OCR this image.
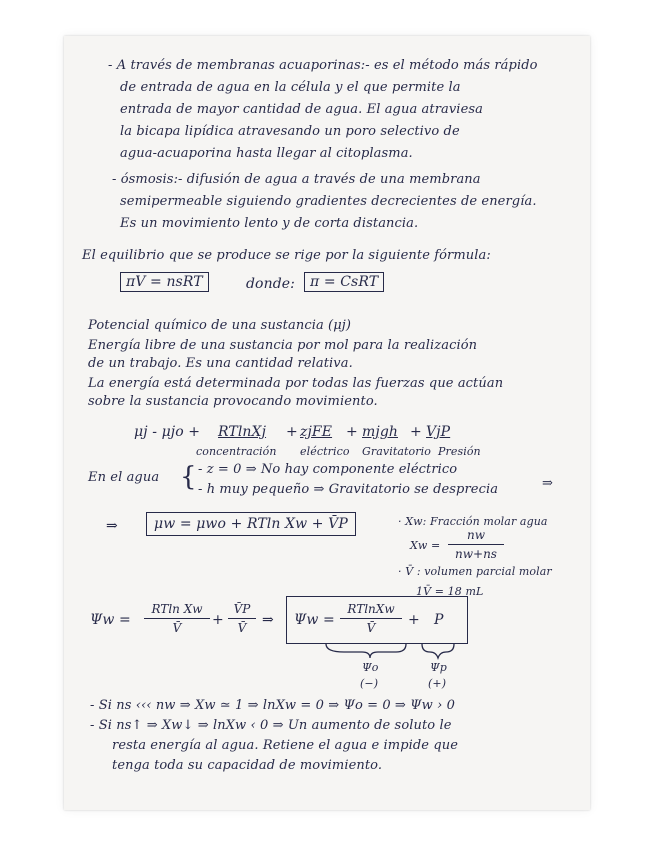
- A través de membranas acuaporinas:- es el método más rápido
de entrada de agua en la célula y el que permite la
entrada de mayor cantidad de agua. El agua atraviesa
la bicapa lipídica atravesando un poro selectivo de
agua-acuaporina hasta llegar al citoplasma.
- ósmosis:- difusión de agua a través de una membrana
semipermeable siguiendo gradientes decrecientes de energía.
Es un movimiento lento y de corta distancia.
El equilibrio que se produce se rige por la siguiente fórmula:
πV = nsRT	donde:	π = CsRT
Potencial químico de una sustancia (μj)
Energía libre de una sustancia por mol para la realización
de un trabajo. Es una cantidad relativa.
La energía está determinada por todas las fuerzas que actúan
sobre la sustancia provocando movimiento.
μj - μjo + RTlnXj + zjFE + mjgh + VjP
concentración eléctrico Gravitatorio Presión
En el agua { - z = 0 ⇒ No hay componente eléctrico
- h muy pequeño ⇒ Gravitatorio se desprecia	⇒
⇒	μw = μwo + RTln Xw + V̄P	· Xw: Fracción molar agua
Xw =
nw
nw+ns
· V̄ : volumen parcial molar
1V̄ = 18 mL
Ψw =
RTln Xw
V̄	+
V̄P
V̄	⇒ Ψw =
RTlnXw
V̄	+ P
Ψo
(−)
Ψp
(+)
- Si ns ‹‹‹ nw ⇒ Xw ≃ 1 ⇒ lnXw = 0 ⇒ Ψo = 0 ⇒ Ψw › 0
- Si ns↑ ⇒ Xw↓ ⇒ lnXw ‹ 0 ⇒ Un aumento de soluto le
resta energía al agua. Retiene el agua e impide que
tenga toda su capacidad de movimiento.
